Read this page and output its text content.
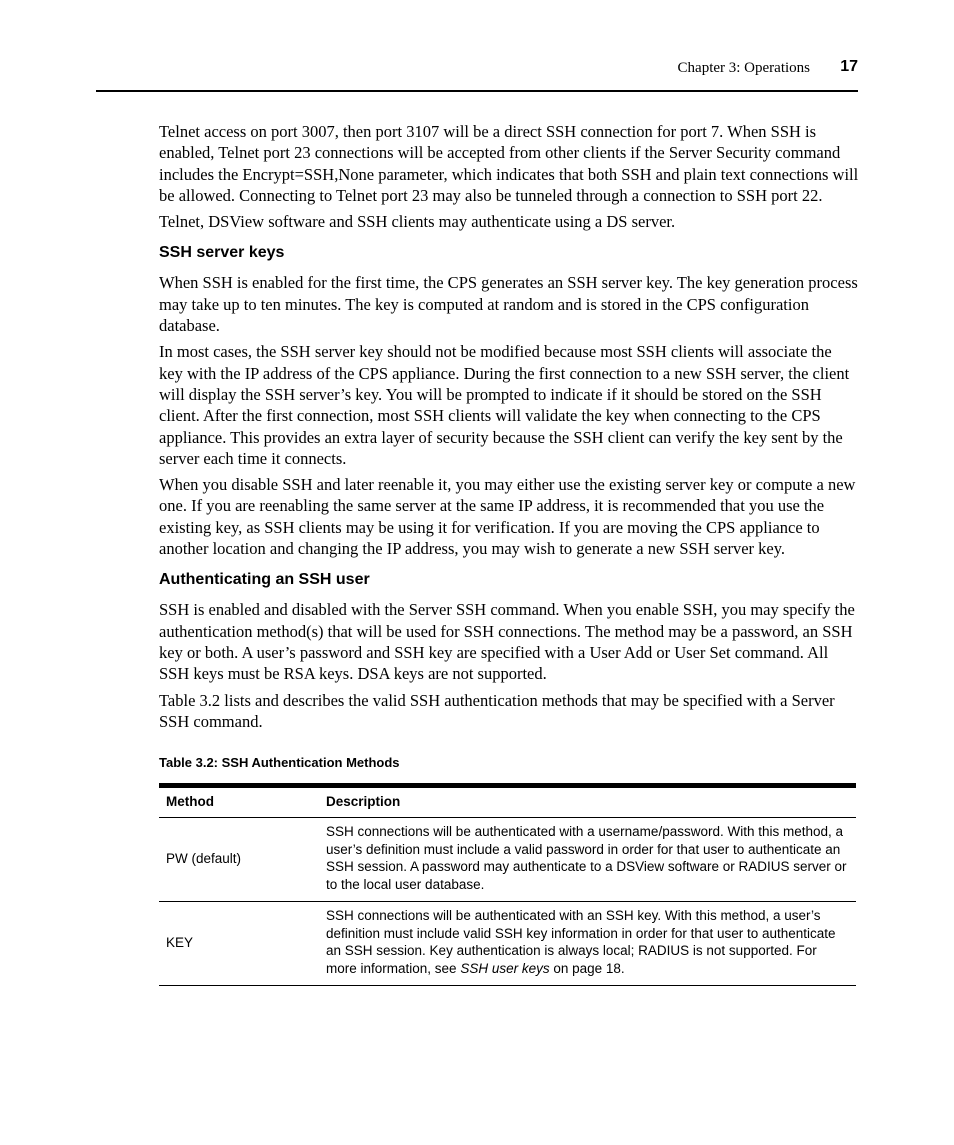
Chapter 3: Operations 17

Telnet access on port 3007, then port 3107 will be a direct SSH connection for port 7. When SSH is enabled, Telnet port 23 connections will be accepted from other clients if the Server Security command includes the Encrypt=SSH,None parameter, which indicates that both SSH and plain text connections will be allowed. Connecting to Telnet port 23 may also be tunneled through a connection to SSH port 22.

Telnet, DSView software and SSH clients may authenticate using a DS server.

SSH server keys

When SSH is enabled for the first time, the CPS generates an SSH server key. The key generation process may take up to ten minutes. The key is computed at random and is stored in the CPS configuration database.

In most cases, the SSH server key should not be modified because most SSH clients will associate the key with the IP address of the CPS appliance. During the first connection to a new SSH server, the client will display the SSH server’s key. You will be prompted to indicate if it should be stored on the SSH client. After the first connection, most SSH clients will validate the key when connecting to the CPS appliance. This provides an extra layer of security because the SSH client can verify the key sent by the server each time it connects.

When you disable SSH and later reenable it, you may either use the existing server key or compute a new one. If you are reenabling the same server at the same IP address, it is recommended that you use the existing key, as SSH clients may be using it for verification. If you are moving the CPS appliance to another location and changing the IP address, you may wish to generate a new SSH server key.

Authenticating an SSH user

SSH is enabled and disabled with the Server SSH command. When you enable SSH, you may specify the authentication method(s) that will be used for SSH connections. The method may be a password, an SSH key or both. A user’s password and SSH key are specified with a User Add or User Set command. All SSH keys must be RSA keys. DSA keys are not supported.

Table 3.2 lists and describes the valid SSH authentication methods that may be specified with a Server SSH command.

Table 3.2: SSH Authentication Methods
Method	Description
PW (default)	SSH connections will be authenticated with a username/password. With this method, a user’s definition must include a valid password in order for that user to authenticate an SSH session. A password may authenticate to a DSView software or RADIUS server or to the local user database.
KEY	SSH connections will be authenticated with an SSH key. With this method, a user’s definition must include valid SSH key information in order for that user to authenticate an SSH session. Key authentication is always local; RADIUS is not supported. For more information, see SSH user keys on page 18.
